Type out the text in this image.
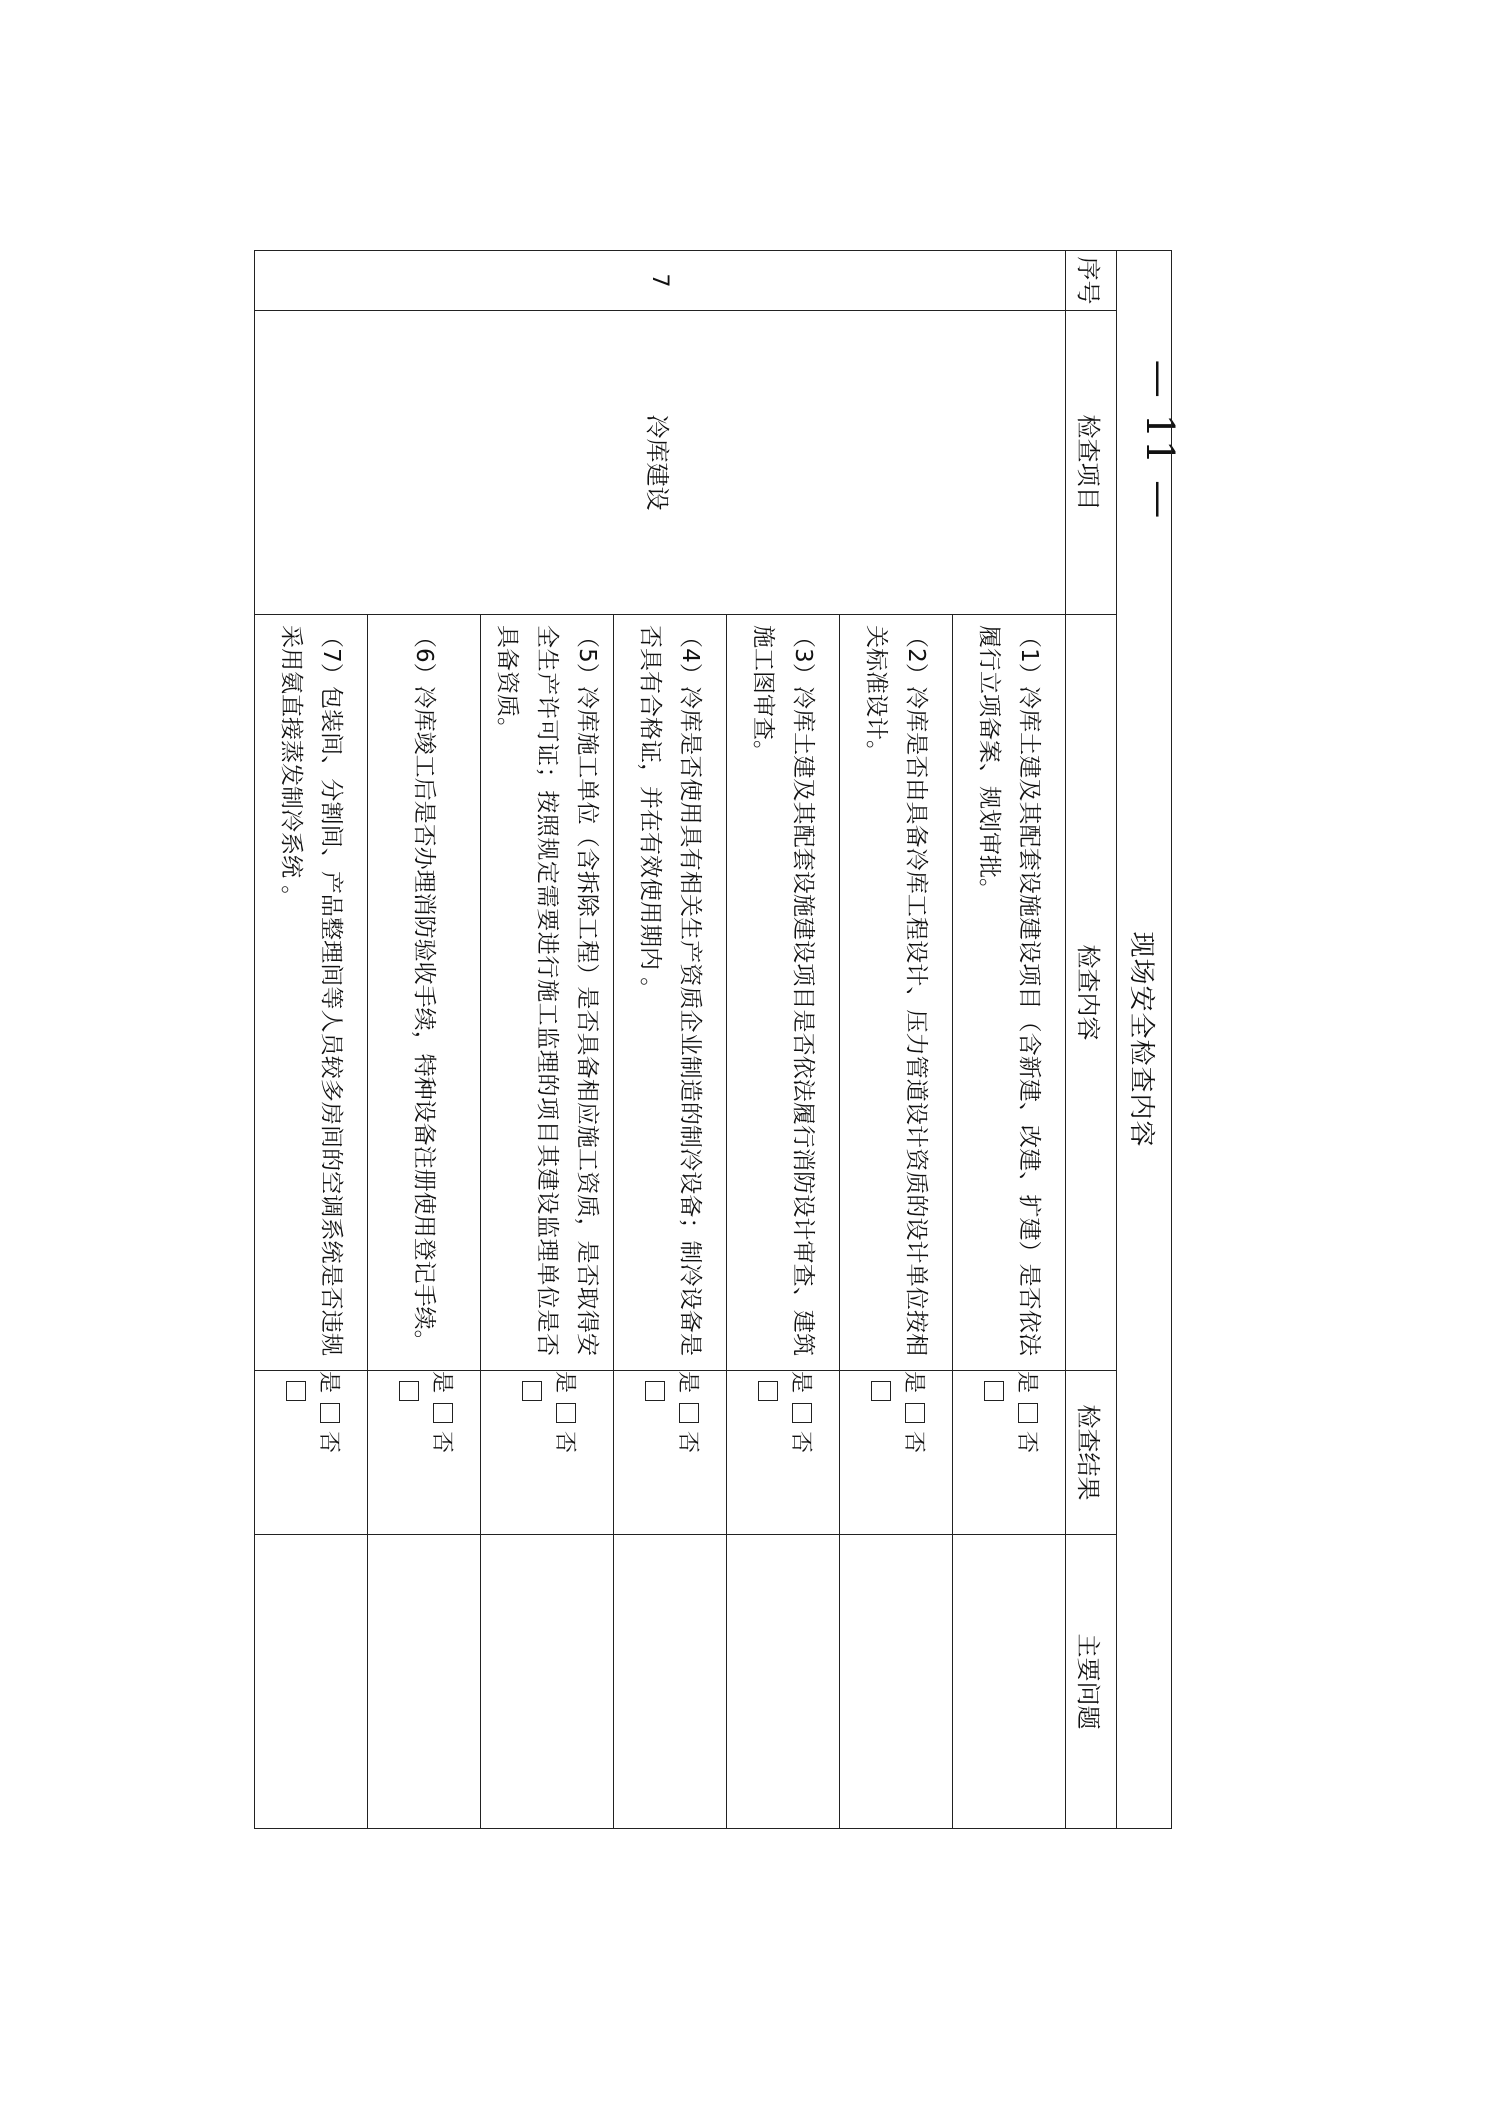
— 11 —
现场安全检查内容				
序号	检查项目	检查内容	检查结果	主要问题
7	冷库建设	（1）冷库土建及其配套设施建设项目（含新建、改建、扩建）是否依法履行立项备案、规划审批。	是否	

		（2）冷库是否由具备冷库工程设计、压力管道设计资质的设计单位按相关标准设计。	是否	

		（3）冷库土建及其配套设施建设项目是否依法履行消防设计审查、建筑施工图审查。	是否	

		（4）冷库是否使用具有相关生产资质企业制造的制冷设备；制冷设备是否具有合格证，并在有效使用期内 。	是否	

		（5）冷库施工单位（含拆除工程）是否具备相应施工资质，是否取得安全生产许可证；按照规定需要进行施工监理的项目其建设监理单位是否具备资质。	是否	

		（6）冷库竣工后是否办理消防验收手续，特种设备注册使用登记手续。	是否	

		（7）包装间、分割间、产品整理间等人员较多房间的空调系统是否违规采用氨直接蒸发制冷系统 。	是否	
